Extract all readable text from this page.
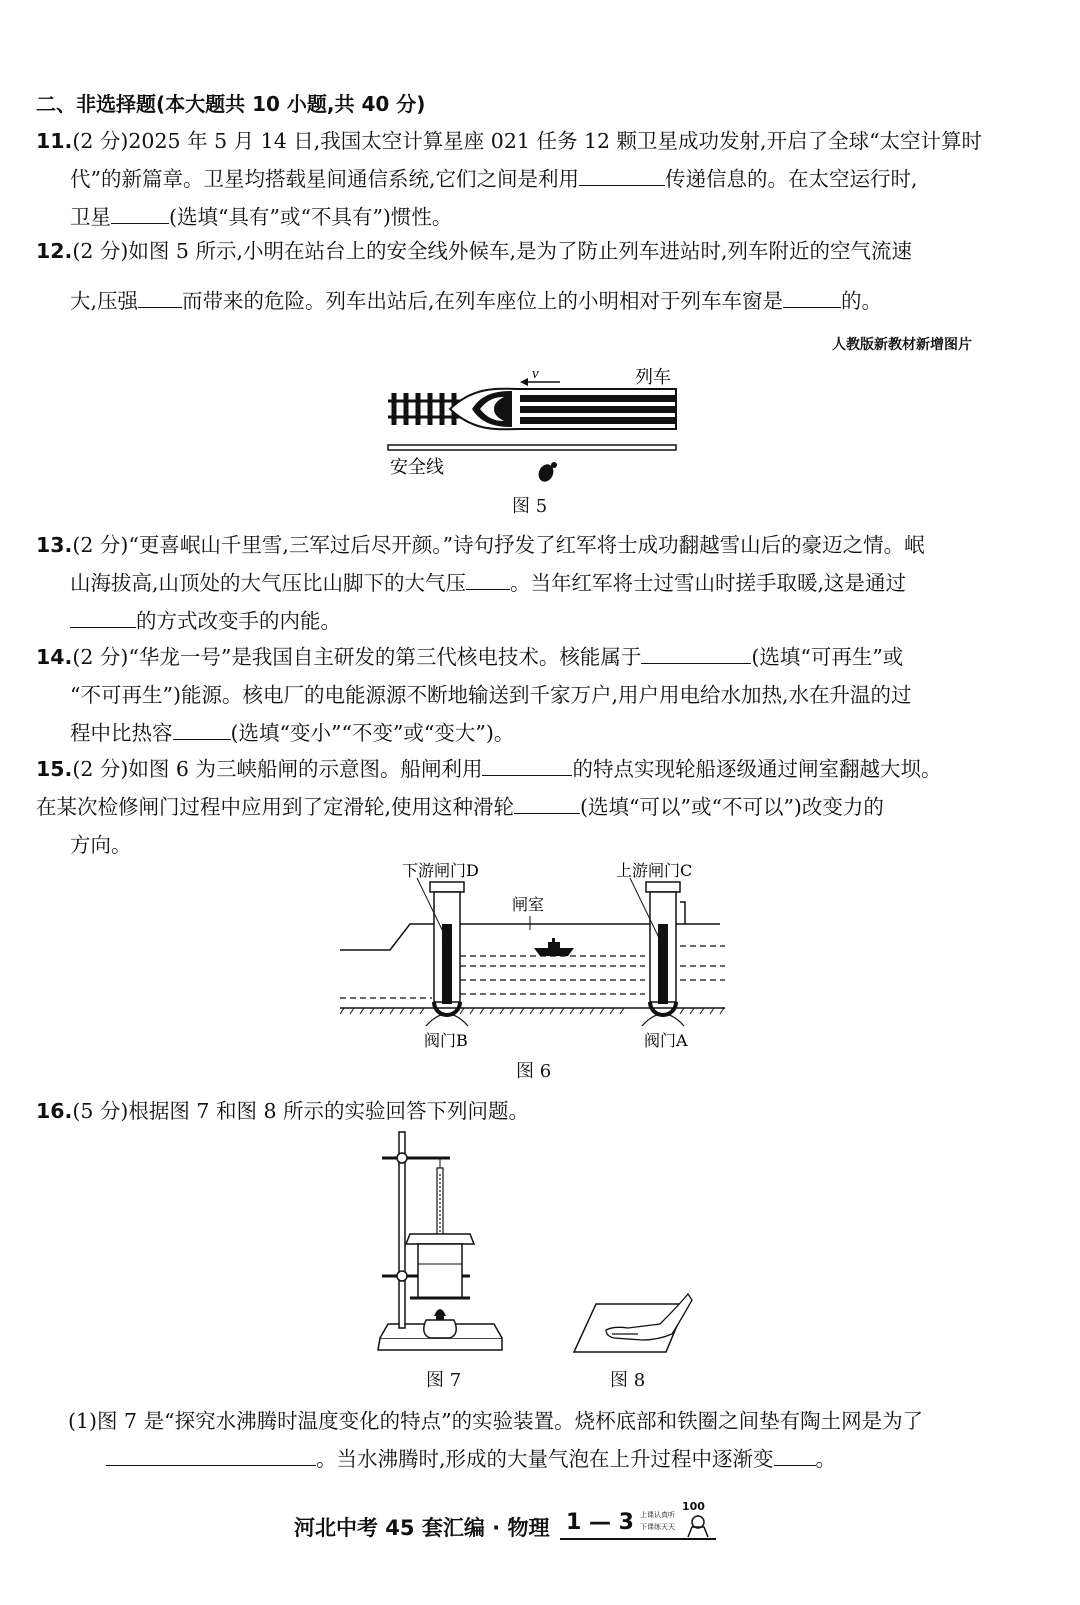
二、非选择题(本大题共 10 小题,共 40 分)
11.(2 分)2025 年 5 月 14 日,我国太空计算星座 021 任务 12 颗卫星成功发射,开启了全球“太空计算时
代”的新篇章。卫星均搭载星间通信系统,它们之间是利用	传递信息的。在太空运行时,
卫星	(选填“具有”或“不具有”)惯性。
12.(2 分)如图 5 所示,小明在站台上的安全线外候车,是为了防止列车进站时,列车附近的空气流速
大,压强 而带来的危险。列车出站后,在列车座位上的小明相对于列车车窗是	的。
人教版新教材新增图片
v	列车
安全线
图 5
13.(2 分)“更喜岷山千里雪,三军过后尽开颜。”诗句抒发了红军将士成功翻越雪山后的豪迈之情。岷
山海拔高,山顶处的大气压比山脚下的大气压 。当年红军将士过雪山时搓手取暖,这是通过
的方式改变手的内能。
14.(2 分)“华龙一号”是我国自主研发的第三代核电技术。核能属于	(选填“可再生”或
“不可再生”)能源。核电厂的电能源源不断地输送到千家万户,用户用电给水加热,水在升温的过
程中比热容	(选填“变小”“不变”或“变大”)。
15.(2 分)如图 6 为三峡船闸的示意图。船闸利用	的特点实现轮船逐级通过闸室翻越大坝。
在某次检修闸门过程中应用到了定滑轮,使用这种滑轮	(选填“可以”或“不可以”)改变力的
方向。
下游闸门D	上游闸门C
闸室
阀门B	阀门A
图 6
16.(5 分)根据图 7 和图 8 所示的实验回答下列问题。
图 7	图 8
(1)图 7 是“探究水沸腾时温度变化的特点”的实验装置。烧杯底部和铁圈之间垫有陶土网是为了
。当水沸腾时,形成的大量气泡在上升过程中逐渐变 。
河北中考 45 套汇编 · 物理 1 — 3 上课认真听
下课练天天
100
